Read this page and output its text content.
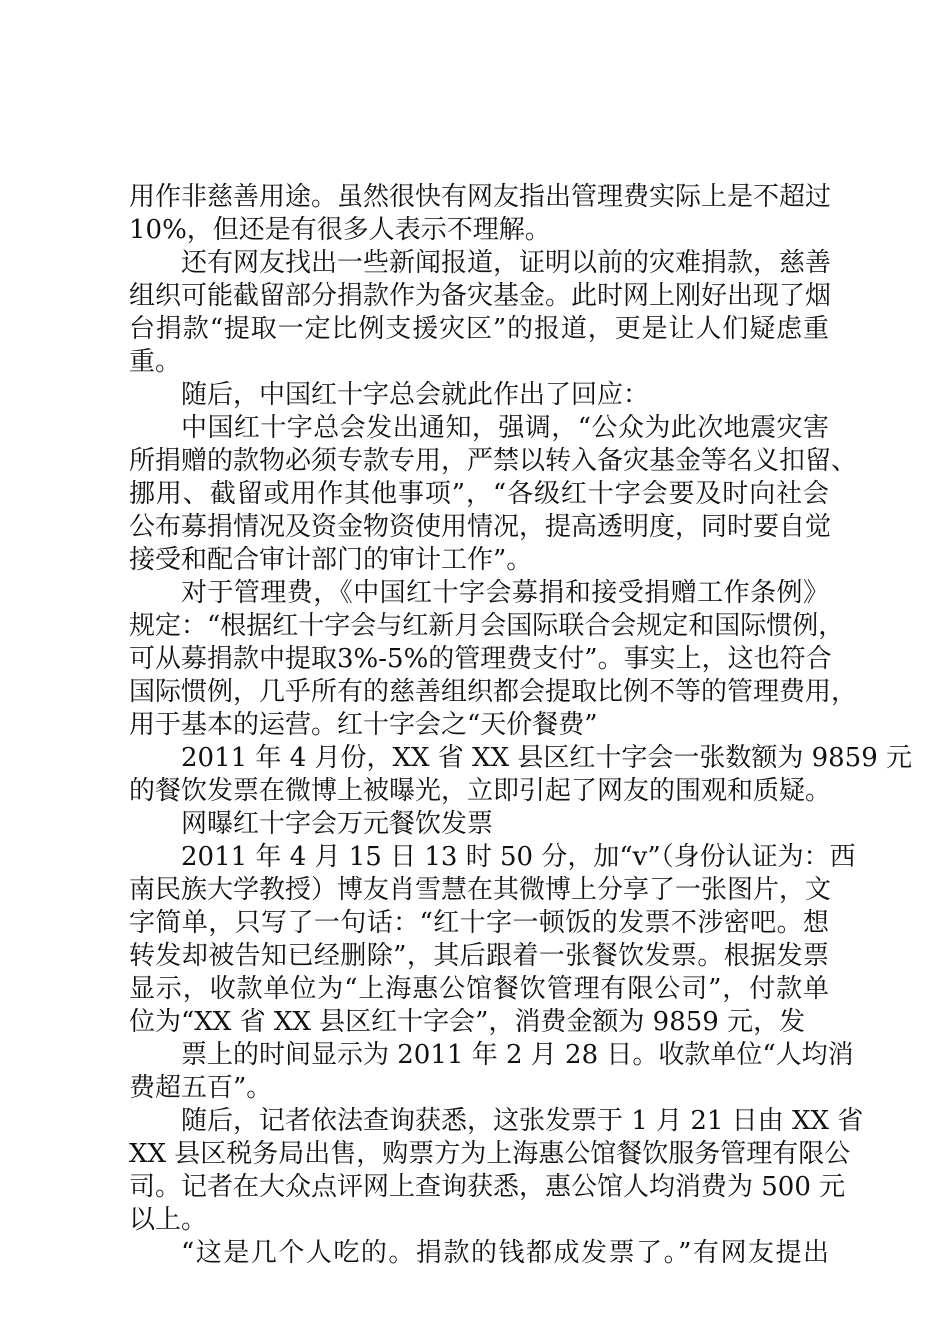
用作非慈善用途。虽然很快有网友指出管理费实际上是不超过
10%，但还是有很多人表示不理解。
还有网友找出一些新闻报道，证明以前的灾难捐款，慈善
组织可能截留部分捐款作为备灾基金。此时网上刚好出现了烟
台捐款“提取一定比例支援灾区”的报道，更是让人们疑虑重
重。
随后，中国红十字总会就此作出了回应：
中国红十字总会发出通知，强调，“公众为此次地震灾害
所捐赠的款物必须专款专用，严禁以转入备灾基金等名义扣留、
挪用、截留或用作其他事项”，“各级红十字会要及时向社会
公布募捐情况及资金物资使用情况，提高透明度，同时要自觉
接受和配合审计部门的审计工作”。
对于管理费，《中国红十字会募捐和接受捐赠工作条例》
规定：“根据红十字会与红新月会国际联合会规定和国际惯例，
可从募捐款中提取3%-5%的管理费支付”。事实上，这也符合
国际惯例，几乎所有的慈善组织都会提取比例不等的管理费用，
用于基本的运营。红十字会之“天价餐费”
2011 年 4 月份，XX 省 XX 县区红十字会一张数额为 9859 元
的餐饮发票在微博上被曝光，立即引起了网友的围观和质疑。
网曝红十字会万元餐饮发票
2011 年 4 月 15 日 13 时 50 分，加“v”（身份认证为：西
南民族大学教授）博友肖雪慧在其微博上分享了一张图片，文
字简单，只写了一句话：“红十字一顿饭的发票不涉密吧。想
转发却被告知已经删除”，其后跟着一张餐饮发票。根据发票
显示，收款单位为“上海惠公馆餐饮管理有限公司”，付款单
位为“XX 省 XX 县区红十字会”，消费金额为 9859 元，发
票上的时间显示为 2011 年 2 月 28 日。收款单位“人均消
费超五百”。
随后，记者依法查询获悉，这张发票于 1 月 21 日由 XX 省
XX 县区税务局出售，购票方为上海惠公馆餐饮服务管理有限公
司。记者在大众点评网上查询获悉，惠公馆人均消费为 500 元
以上。
“这是几个人吃的。捐款的钱都成发票了。”有网友提出
